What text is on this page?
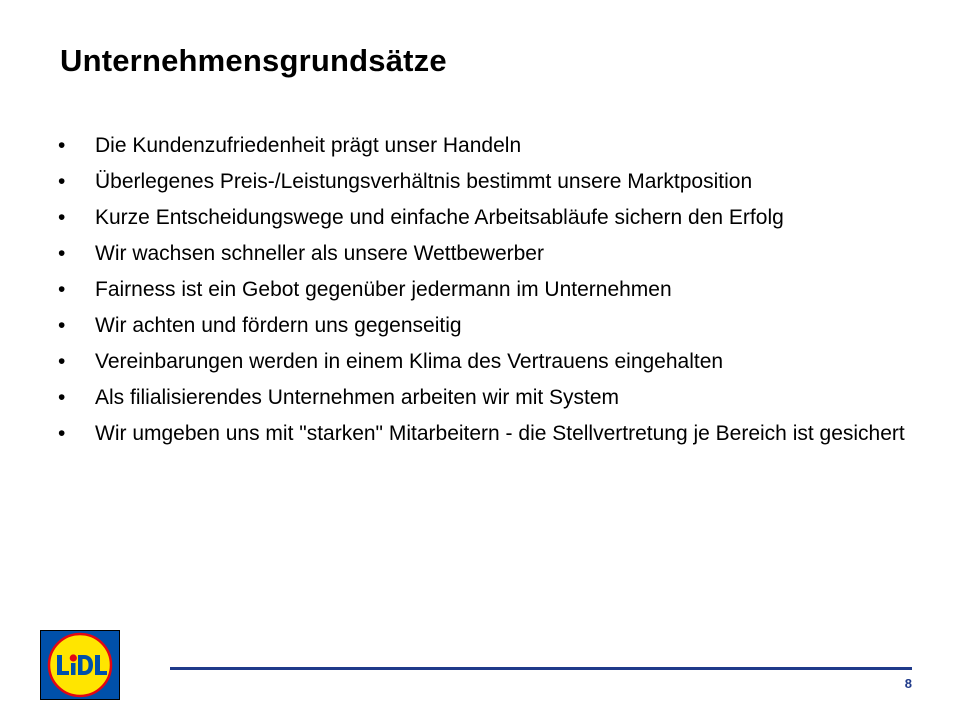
Unternehmensgrundsätze
•	Die Kundenzufriedenheit prägt unser Handeln
•	Überlegenes Preis-/Leistungsverhältnis bestimmt unsere Marktposition
•	Kurze Entscheidungswege und einfache Arbeitsabläufe sichern den Erfolg
•	Wir wachsen schneller als unsere Wettbewerber
•	Fairness ist ein Gebot gegenüber jedermann im Unternehmen
•	Wir achten und fördern uns gegenseitig
•	Vereinbarungen werden in einem Klima des Vertrauens eingehalten
•	Als filialisierendes Unternehmen arbeiten wir mit System
•	Wir umgeben uns mit "starken" Mitarbeitern - die Stellvertretung je Bereich ist gesichert
8
